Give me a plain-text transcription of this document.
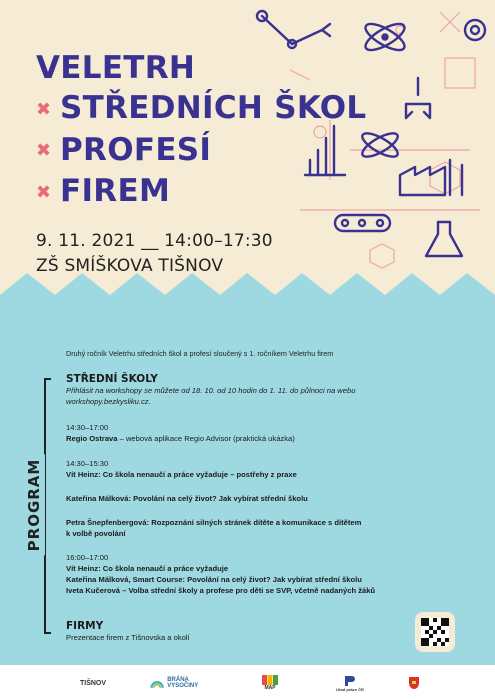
VELETRH
✖ STŘEDNÍCH ŠKOL
✖ PROFESÍ
✖ FIREM
9. 11. 2021 __ 14:00–17:30
ZŠ SMÍŠKOVA TIŠNOV
Druhý ročník Veletrhu středních škol a profesí sloučený s 1. ročníkem Veletrhu firem
PROGRAM
STŘEDNÍ ŠKOLY
Přihlásit na workshopy se můžete od 18. 10. od 10 hodin do 1. 11. do půlnoci na webu
workshopy.bezkysliku.cz.
14:30–17:00
Regio Ostrava – webová aplikace Regio Advisor (praktická ukázka)
14:30–15:30
Vít Heinz: Co škola nenaučí a práce vyžaduje – postřehy z praxe
Kateřina Málková: Povolání na celý život? Jak vybírat střední školu
Petra Šnepfenbergová: Rozpoznání silných stránek dítěte a komunikace s dítětem
k volbě povolání
16:00–17:00
Vít Heinz: Co škola nenaučí a práce vyžaduje
Kateřina Málková, Smart Course: Povolání na celý život? Jak vybírat střední školu
Iveta Kučerová – Volba střední školy a profese pro děti se SVP, včetně nadaných žáků
FIRMY
Prezentace firem z Tišnovska a okolí
TIŠNOV	BRÁNA VYSOČINY	MAP	Úřad práce ČR
